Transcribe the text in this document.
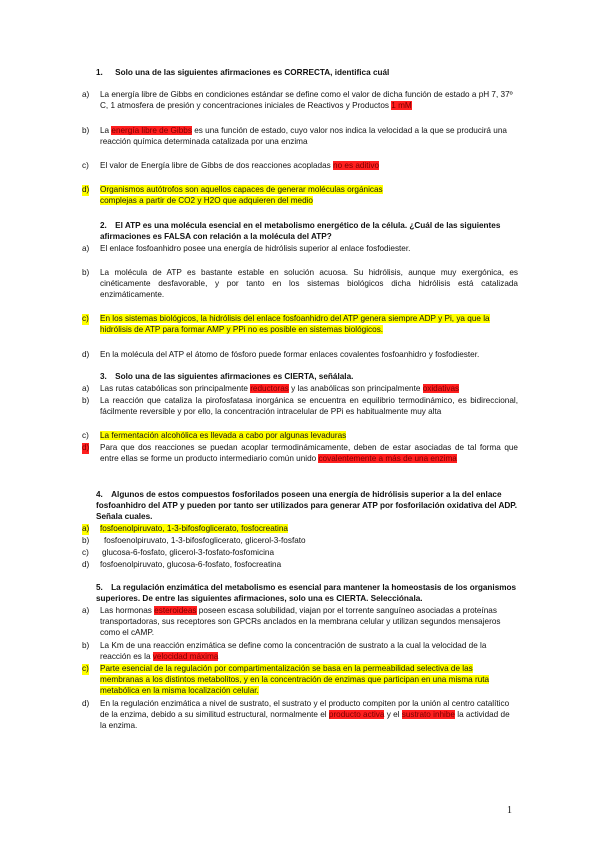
1. Solo una de las siguientes afirmaciones es CORRECTA, identifica cuál
a) La energía libre de Gibbs en condiciones estándar se define como el valor de dicha función de estado a pH 7, 37º C, 1 atmosfera de presión y concentraciones iniciales de Reactivos y Productos 1 mM
b) La energía libre de Gibbs es una función de estado, cuyo valor nos indica la velocidad a la que se producirá una reacción química determinada catalizada por una enzima
c) El valor de Energía libre de Gibbs de dos reacciones acopladas no es aditivo
d) Organismos autótrofos son aquellos capaces de generar moléculas orgánicas
complejas a partir de CO2 y H2O que adquieren del medio
2. El ATP es una molécula esencial en el metabolismo energético de la célula. ¿Cuál de las siguientes afirmaciones es FALSA con relación a la molécula del ATP?
a) El enlace fosfoanhidro posee una energía de hidrólisis superior al enlace fosfodiester.
b) La molécula de ATP es bastante estable en solución acuosa. Su hidrólisis, aunque muy exergónica, es cinéticamente desfavorable, y por tanto en los sistemas biológicos dicha hidrólisis está catalizada enzimáticamente.
c) En los sistemas biológicos, la hidrólisis del enlace fosfoanhidro del ATP genera siempre ADP y Pi, ya que la hidrólisis de ATP para formar AMP y PPi no es posible en sistemas biológicos.
d) En la molécula del ATP el átomo de fósforo puede formar enlaces covalentes fosfoanhidro y fosfodiester.
3. Solo una de las siguientes afirmaciones es CIERTA, señálala.
a) Las rutas catabólicas son principalmente reductoras y las anabólicas son principalmente oxidativas
b) La reacción que cataliza la pirofosfatasa inorgánica se encuentra en equilibrio termodinámico, es bidireccional, fácilmente reversible y por ello, la concentración intracelular de PPi es habitualmente muy alta
c) La fermentación alcohólica es llevada a cabo por algunas levaduras
d) Para que dos reacciones se puedan acoplar termodinámicamente, deben de estar asociadas de tal forma que entre ellas se forme un producto intermediario común unido covalentemente a más de una enzima
4. Algunos de estos compuestos fosforilados poseen una energía de hidrólisis superior a la del enlace fosfoanhidro del ATP y pueden por tanto ser utilizados para generar ATP por fosforilación oxidativa del ADP. Señala cuales.
a) fosfoenolpiruvato, 1-3-bifosfoglicerato, fosfocreatina
b) fosfoenolpiruvato, 1-3-bifosfoglicerato, glicerol-3-fosfato
c) glucosa-6-fosfato, glicerol-3-fosfato-fosfomicina
d) fosfoenolpiruvato, glucosa-6-fosfato, fosfocreatina
5. La regulación enzimática del metabolismo es esencial para mantener la homeostasis de los organismos superiores. De entre las siguientes afirmaciones, solo una es CIERTA. Selecciónala.
a) Las hormonas esteroideas poseen escasa solubilidad, viajan por el torrente sanguíneo asociadas a proteínas transportadoras, sus receptores son GPCRs anclados en la membrana celular y utilizan segundos mensajeros como el cAMP.
b) La Km de una reacción enzimática se define como la concentración de sustrato a la cual la velocidad de la reacción es la velocidad máxima
c) Parte esencial de la regulación por compartimentalización se basa en la permeabilidad selectiva de las membranas a los distintos metabolitos, y en la concentración de enzimas que participan en una misma ruta metabólica en la misma localización celular.
d) En la regulación enzimática a nivel de sustrato, el sustrato y el producto compiten por la unión al centro catalítico de la enzima, debido a su similitud estructural, normalmente el producto activa y el sustrato inhibe la actividad de la enzima.
1
